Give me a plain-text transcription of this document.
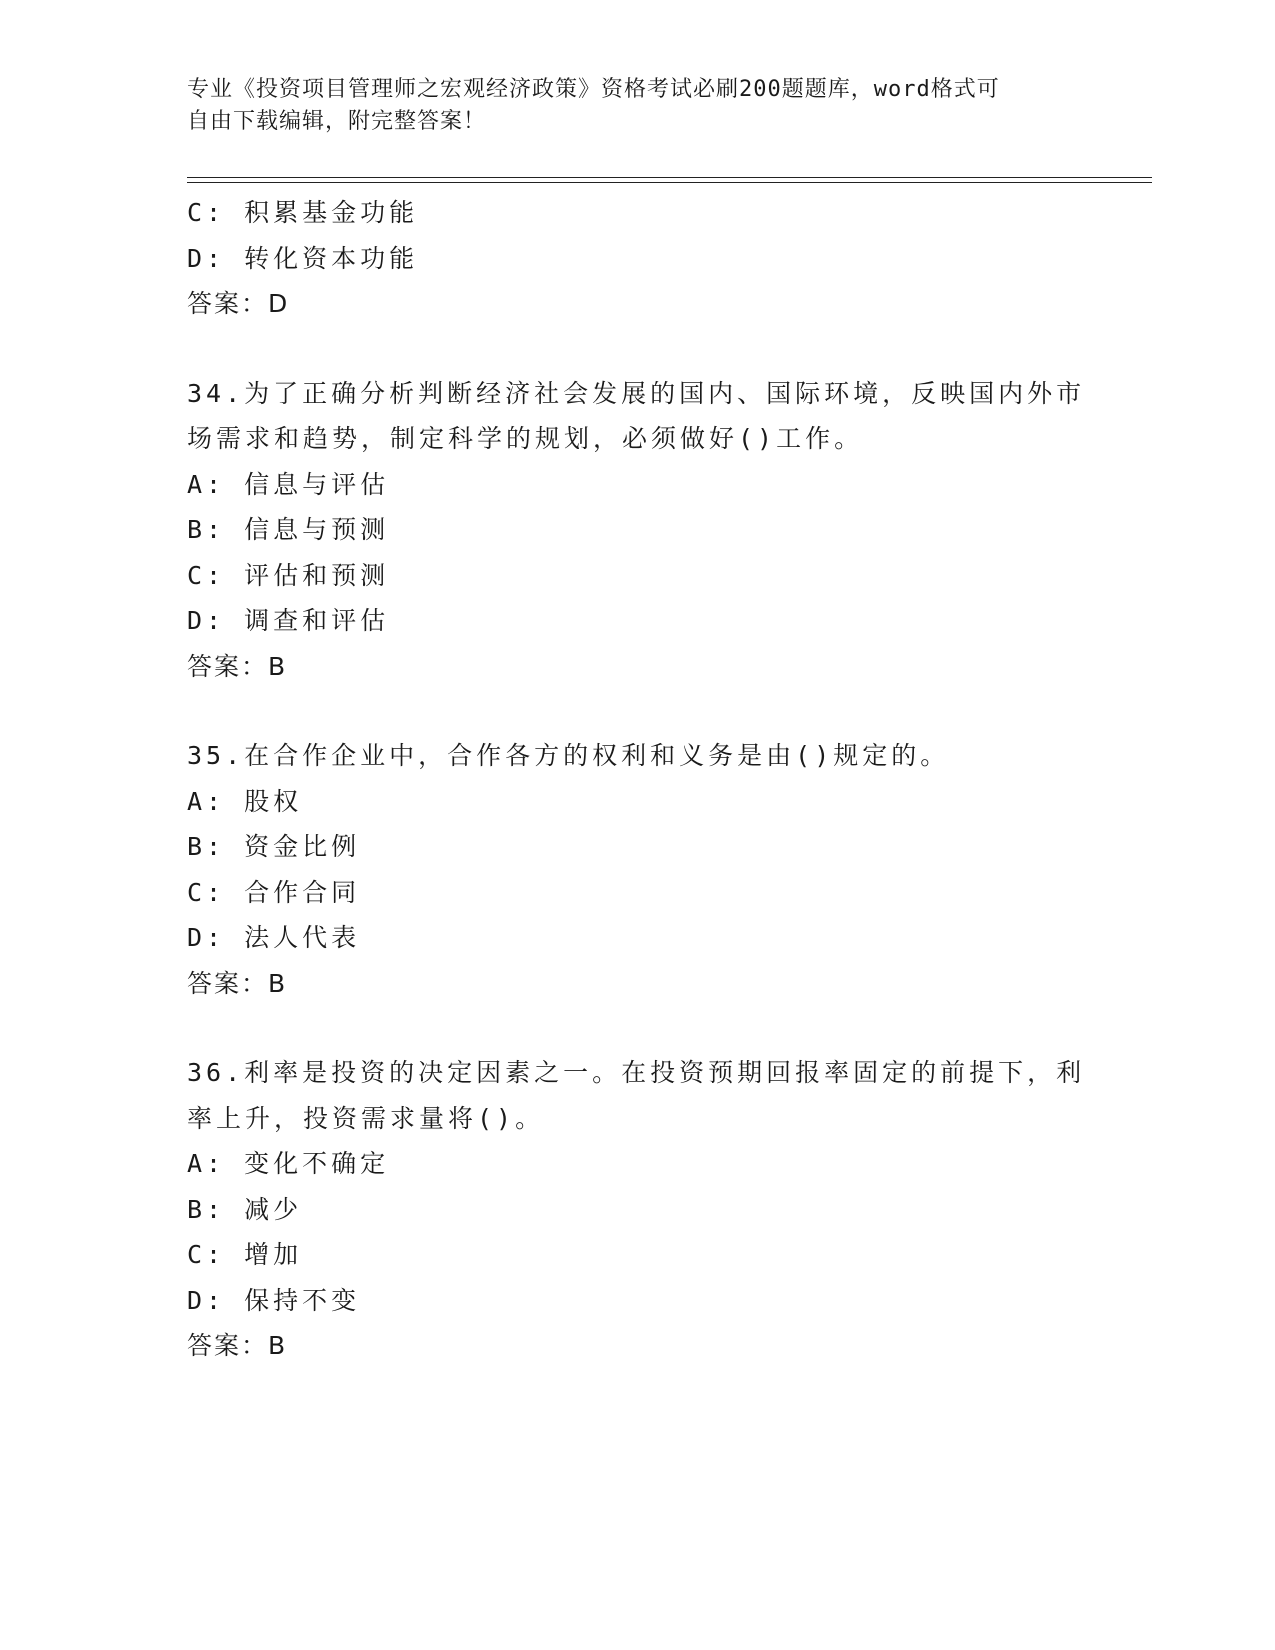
专业《投资项目管理师之宏观经济政策》资格考试必刷200题题库，word格式可
自由下载编辑，附完整答案！
C: 积累基金功能
D: 转化资本功能
答案：D
34.为了正确分析判断经济社会发展的国内、国际环境，反映国内外市
场需求和趋势，制定科学的规划，必须做好()工作。
A: 信息与评估
B: 信息与预测
C: 评估和预测
D: 调查和评估
答案：B
35.在合作企业中，合作各方的权利和义务是由()规定的。
A: 股权
B: 资金比例
C: 合作合同
D: 法人代表
答案：B
36.利率是投资的决定因素之一。在投资预期回报率固定的前提下，利
率上升，投资需求量将()。
A: 变化不确定
B: 减少
C: 增加
D: 保持不变
答案：B
